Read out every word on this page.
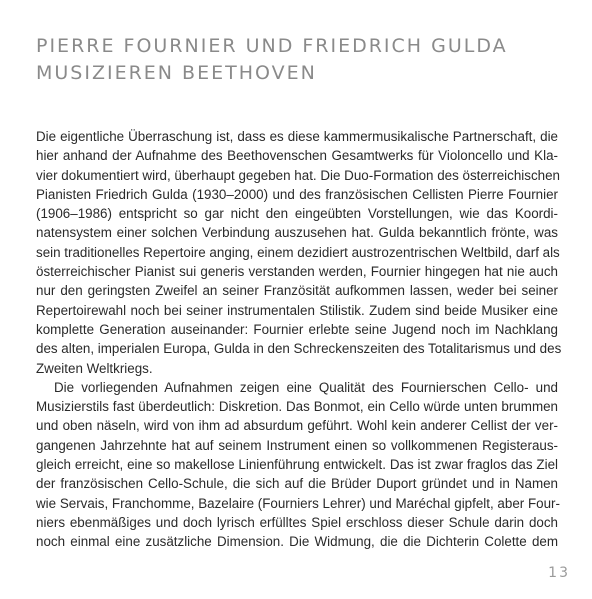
PIERRE FOURNIER UND FRIEDRICH GULDA
MUSIZIEREN BEETHOVEN
Die eigentliche Überraschung ist, dass es diese kammermusikalische Partnerschaft, die
hier anhand der Aufnahme des Beethovenschen Gesamtwerks für Violoncello und Kla-
vier dokumentiert wird, überhaupt gegeben hat. Die Duo-Formation des österreichischen
Pianisten Friedrich Gulda (1930–2000) und des französischen Cellisten Pierre Fournier
(1906–1986) entspricht so gar nicht den eingeübten Vorstellungen, wie das Koordi-
natensystem einer solchen Verbindung auszusehen hat. Gulda bekanntlich frönte, was
sein traditionelles Repertoire anging, einem dezidiert austrozentrischen Weltbild, darf als
österreichischer Pianist sui generis verstanden werden, Fournier hingegen hat nie auch
nur den geringsten Zweifel an seiner Französität aufkommen lassen, weder bei seiner
Repertoirewahl noch bei seiner instrumentalen Stilistik. Zudem sind beide Musiker eine
komplette Generation auseinander: Fournier erlebte seine Jugend noch im Nachklang
des alten, imperialen Europa, Gulda in den Schreckenszeiten des Totalitarismus und des
Zweiten Weltkriegs.
Die vorliegenden Aufnahmen zeigen eine Qualität des Fournierschen Cello- und
Musizierstils fast überdeutlich: Diskretion. Das Bonmot, ein Cello würde unten brummen
und oben näseln, wird von ihm ad absurdum geführt. Wohl kein anderer Cellist der ver-
gangenen Jahrzehnte hat auf seinem Instrument einen so vollkommenen Registeraus-
gleich erreicht, eine so makellose Linienführung entwickelt. Das ist zwar fraglos das Ziel
der französischen Cello-Schule, die sich auf die Brüder Duport gründet und in Namen
wie Servais, Franchomme, Bazelaire (Fourniers Lehrer) und Maréchal gipfelt, aber Four-
niers ebenmäßiges und doch lyrisch erfülltes Spiel erschloss dieser Schule darin doch
noch einmal eine zusätzliche Dimension. Die Widmung, die die Dichterin Colette dem
13
